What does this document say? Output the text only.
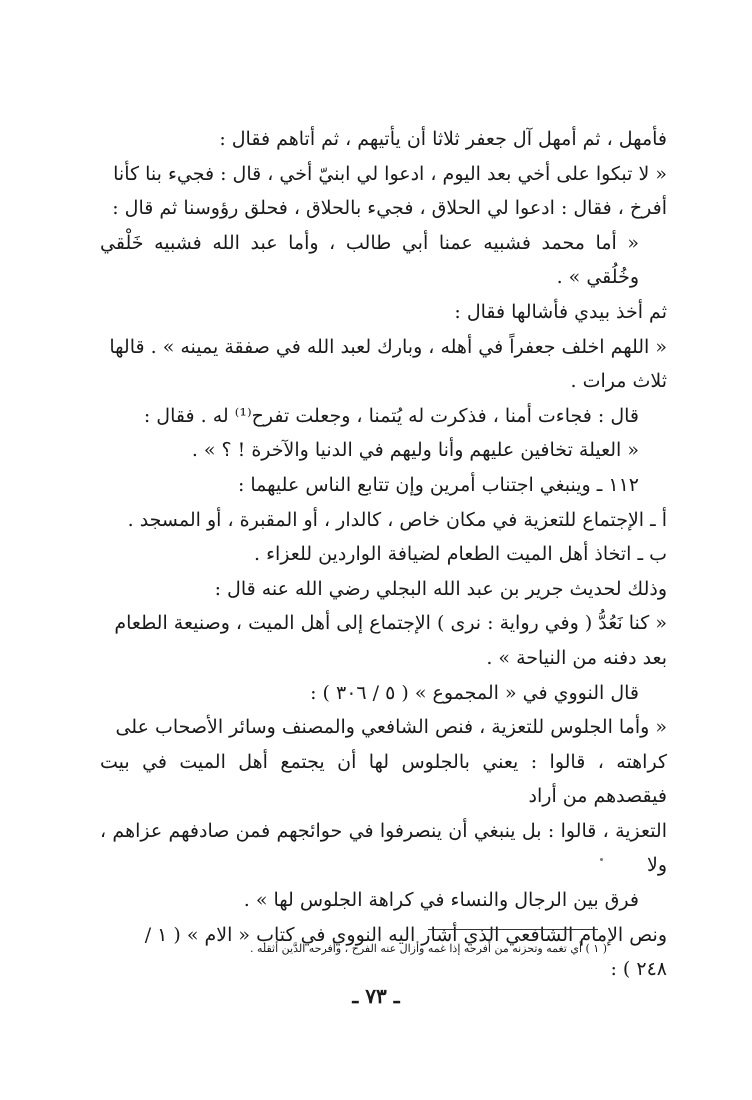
فأمهل ، ثم أمهل آل جعفر ثلاثا أن يأتيهم ، ثم أتاهم فقال :

« لا تبكوا على أخي بعد اليوم ، ادعوا لي ابنيّ أخي ، قال : فجيء بنا كأنا

أفرخ ، فقال : ادعوا لي الحلاق ، فجيء بالحلاق ، فحلق رؤوسنا ثم قال :

« أما محمد فشبيه عمنا أبي طالب ، وأما عبد الله فشبيه خَلْقي وخُلُقي » .

ثم أخذ بيدي فأشالها فقال :

« اللهم اخلف جعفراً في أهله ، وبارك لعبد الله في صفقة يمينه » . قالها

ثلاث مرات .

قال : فجاءت أمنا ، فذكرت له يُتمنا ، وجعلت تفرح⁽¹⁾ له . فقال :

« العيلة تخافين عليهم وأنا وليهم في الدنيا والآخرة ! ؟ » .

١١٢ ـ وينبغي اجتناب أمرين وإن تتابع الناس عليهما :

أ ـ الإجتماع للتعزية في مكان خاص ، كالدار ، أو المقبرة ، أو المسجد .

ب ـ اتخاذ أهل الميت الطعام لضيافة الواردين للعزاء .

وذلك لحديث جرير بن عبد الله البجلي رضي الله عنه قال :

« كنا نَعُدُّ ( وفي رواية : نرى ) الإجتماع إلى أهل الميت ، وصنيعة الطعام

بعد دفنه من النياحة » .

قال النووي في « المجموع » ( ٥ / ٣٠٦ ) :

« وأما الجلوس للتعزية ، فنص الشافعي والمصنف وسائر الأصحاب على

كراهته ، قالوا : يعني بالجلوس لها أن يجتمع أهل الميت في بيت فيقصدهم من أراد

التعزية ، قالوا : بل ينبغي أن ينصرفوا في حوائجهم فمن صادفهم عزاهم ، ولا

فرق بين الرجال والنساء في كراهة الجلوس لها » .

ونص الإمام الشافعي الذي أشار اليه النووي في كتاب « الام » ( ١ /

٢٤٨ ) :

( ١ ) أي تغمه وتحزنه من أفرحه إذا غمه وأزال عنه الفرح ، وأفرحه الدَّين أثقله .
ـ ٧٣ ـ
